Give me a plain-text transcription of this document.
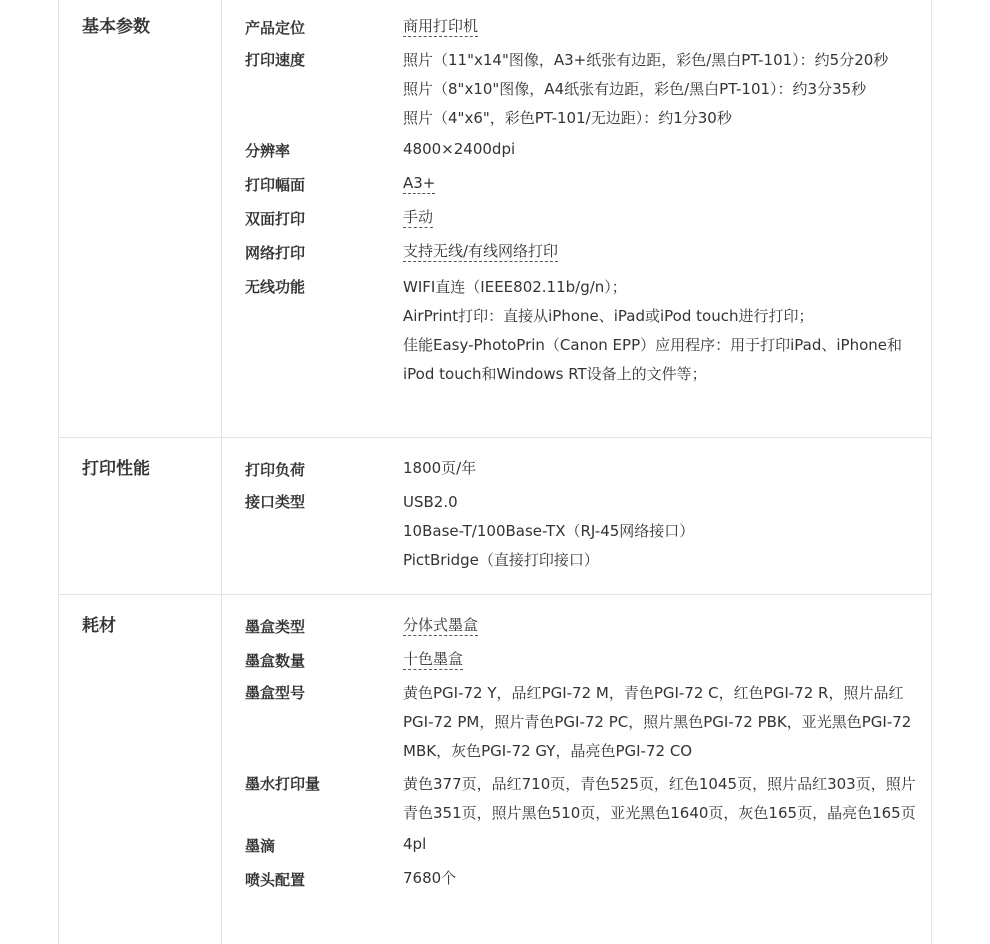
基本参数	产品定位	商用打印机
打印速度	照片（11"x14"图像，A3+纸张有边距，彩色/黑白PT-101）：约5分20秒
照片（8"x10"图像，A4纸张有边距，彩色/黑白PT-101）：约3分35秒
照片（4"x6"，彩色PT-101/无边距）：约1分30秒
分辨率	4800×2400dpi
打印幅面	A3+
双面打印	手动
网络打印	支持无线/有线网络打印
无线功能	WIFI直连（IEEE802.11b/g/n）；
AirPrint打印：直接从iPhone、iPad或iPod touch进行打印；
佳能Easy-PhotoPrin（Canon EPP）应用程序：用于打印iPad、iPhone和iPod touch和Windows RT设备上的文件等；
打印性能	打印负荷	1800页/年
接口类型	USB2.0
10Base-T/100Base-TX（RJ-45网络接口）
PictBridge（直接打印接口）
耗材	墨盒类型	分体式墨盒
墨盒数量	十色墨盒
墨盒型号	黄色PGI-72 Y，品红PGI-72 M，青色PGI-72 C，红色PGI-72 R，照片品红PGI-72 PM，照片青色PGI-72 PC，照片黑色PGI-72 PBK，亚光黑色PGI-72 MBK，灰色PGI-72 GY，晶亮色PGI-72 CO
墨水打印量	黄色377页，品红710页，青色525页，红色1045页，照片品红303页，照片青色351页，照片黑色510页，亚光黑色1640页，灰色165页，晶亮色165页
墨滴	4pl
喷头配置	7680个
